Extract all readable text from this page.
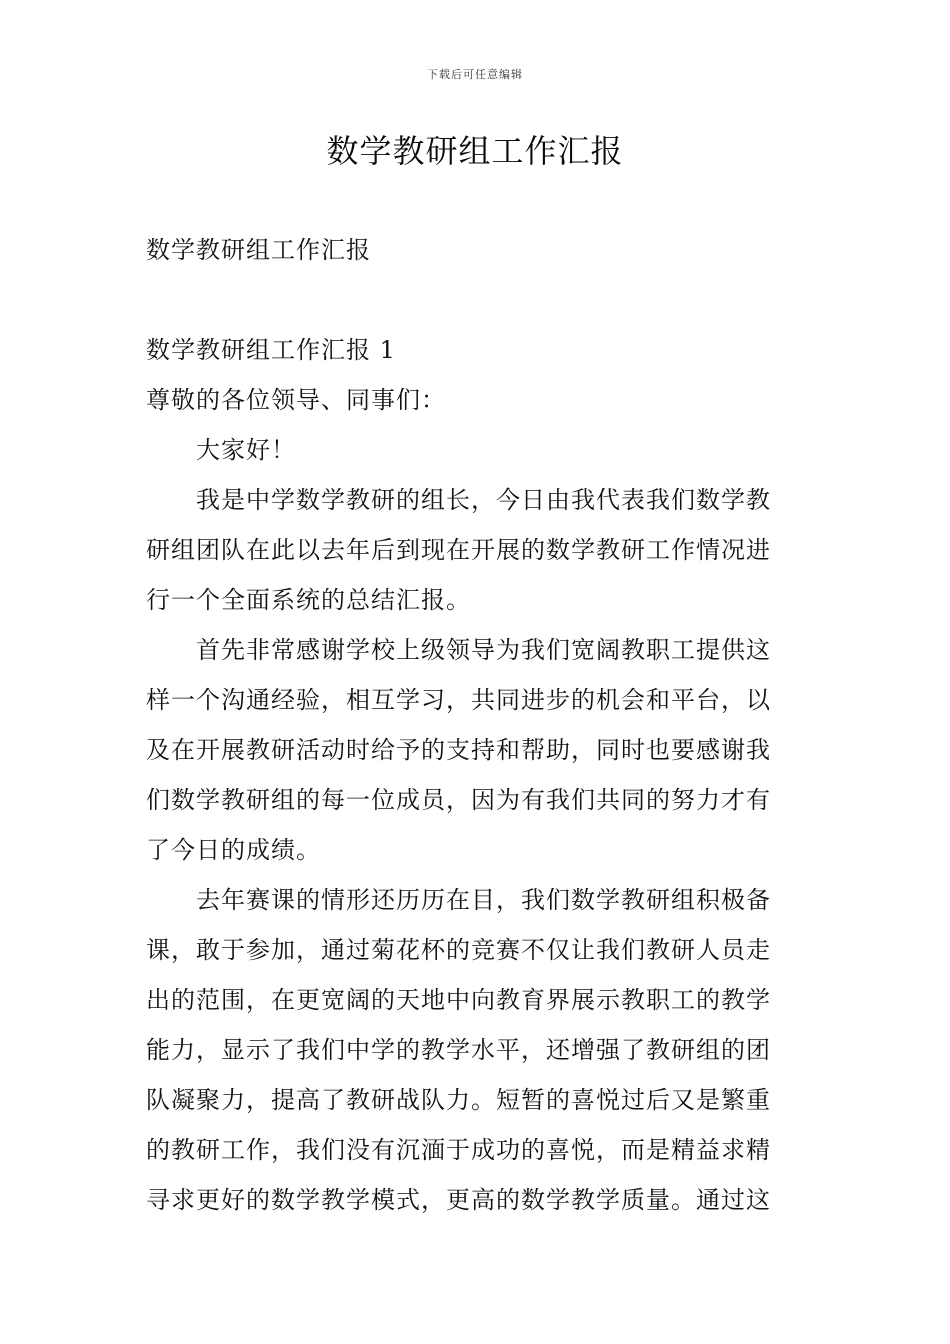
下载后可任意编辑
数学教研组工作汇报
数学教研组工作汇报
数学教研组工作汇报 1
尊敬的各位领导、同事们：
大家好！
我是中学数学教研的组长，今日由我代表我们数学教
研组团队在此以去年后到现在开展的数学教研工作情况进
行一个全面系统的总结汇报。
首先非常感谢学校上级领导为我们宽阔教职工提供这
样一个沟通经验，相互学习，共同进步的机会和平台，以
及在开展教研活动时给予的支持和帮助，同时也要感谢我
们数学教研组的每一位成员，因为有我们共同的努力才有
了今日的成绩。
去年赛课的情形还历历在目，我们数学教研组积极备
课，敢于参加，通过菊花杯的竞赛不仅让我们教研人员走
出的范围，在更宽阔的天地中向教育界展示教职工的教学
能力，显示了我们中学的教学水平，还增强了教研组的团
队凝聚力，提高了教研战队力。短暂的喜悦过后又是繁重
的教研工作，我们没有沉湎于成功的喜悦，而是精益求精
寻求更好的数学教学模式，更高的数学教学质量。通过这
